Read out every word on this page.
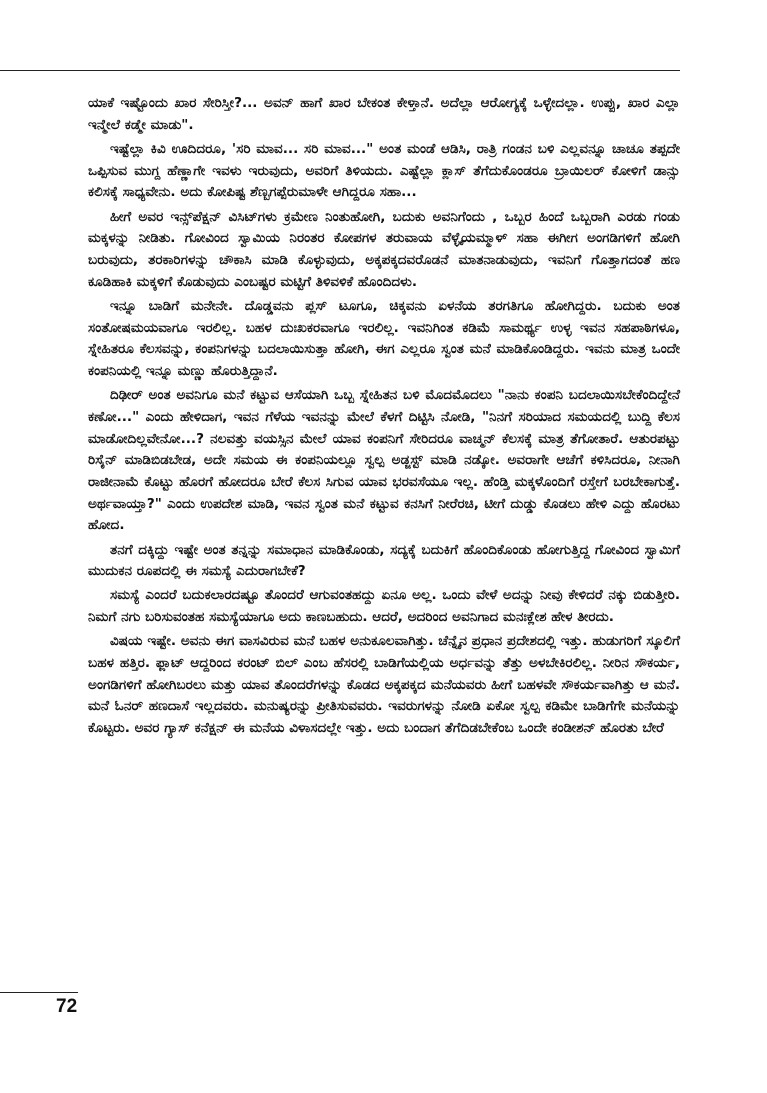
ಯಾಕೆ ಇಷ್ಟೊಂದು ಖಾರ ಸೇರಿಸ್ತೀ?... ಅವನ್ ಹಾಗೆ ಖಾರ ಬೇಕಂತ ಕೇಳ್ತಾನೆ. ಅದೆಲ್ಲಾ ಆರೋಗ್ಯಕ್ಕೆ ಒಳ್ಳೇದಲ್ಲಾ. ಉಪ್ಪು, ಖಾರ ಎಲ್ಲಾ ಇನ್ಮೇಲೆ ಕಡ್ಮೇ ಮಾಡು".

ಇಷ್ಟೆಲ್ಲಾ ಕಿವಿ ಊದಿದರೂ, 'ಸರಿ ಮಾವ... ಸರಿ ಮಾವ..." ಅಂತ ಮಂಡೆ ಆಡಿಸಿ, ರಾತ್ರಿ ಗಂಡನ ಬಳಿ ಎಲ್ಲವನ್ನೂ ಚಾಚೂ ತಪ್ಪದೇ ಒಪ್ಪಿಸುವ ಮುಗ್ದ ಹೆಣ್ಣಾಗೇ ಇವಳು ಇರುವುದು, ಅವರಿಗೆ ತಿಳಿಯದು. ಎಷ್ಟೆಲ್ಲಾ ಕ್ಲಾಸ್ ತೆಗೆದುಕೊಂಡರೂ ಬ್ರಾಯಿಲರ್ ಕೋಳಿಗೆ ಡಾನ್ಸು ಕಲಿಸಕ್ಕೆ ಸಾಧ್ಯವೇನು. ಅದು ಕೋಪಿಷ್ಟ ಶೆಣ್ಬಗಪ್ಪೆರುಮಾಳೇ ಆಗಿದ್ದರೂ ಸಹಾ...

ಹೀಗೆ ಅವರ ಇನ್ಸ್‌ಪೆಕ್ಷನ್ ವಿಸಿಟ್‌ಗಳು ಕ್ರಮೇಣ ನಿಂತುಹೋಗಿ, ಬದುಕು ಅವನಿಗೆಂದು , ಒಬ್ಬರ ಹಿಂದೆ ಒಬ್ಬರಾಗಿ ಎರಡು ಗಂಡು ಮಕ್ಕಳನ್ನು ನೀಡಿತು. ಗೋವಿಂದ ಸ್ವಾಮಿಯ ನಿರಂತರ ಕೋಪಗಳ ತರುವಾಯ ವೆಳ್ಳೈಯಮ್ಮಾಳ್ ಸಹಾ ಈಗೀಗ ಅಂಗಡಿಗಳಿಗೆ ಹೋಗಿ ಬರುವುದು, ತರಕಾರಿಗಳನ್ನು ಚೌಕಾಸಿ ಮಾಡಿ ಕೊಳ್ಳುವುದು, ಅಕ್ಕಪಕ್ಕದವರೊಡನೆ ಮಾತನಾಡುವುದು, ಇವನಿಗೆ ಗೊತ್ತಾಗದಂತೆ ಹಣ ಕೂಡಿಹಾಕಿ ಮಕ್ಕಳಿಗೆ ಕೊಡುವುದು ಎಂಬಷ್ಟರ ಮಟ್ಟಿಗೆ ತಿಳಿವಳಿಕೆ ಹೊಂದಿದಳು.

ಇನ್ನೂ ಬಾಡಿಗೆ ಮನೇನೇ. ದೊಡ್ಡವನು ಪ್ಲಸ್ ಟೂಗೂ, ಚಿಕ್ಕವನು ಏಳನೆಯ ತರಗತಿಗೂ ಹೋಗಿದ್ದರು. ಬದುಕು ಅಂತ ಸಂತೋಷಮಯವಾಗೂ ಇರಲಿಲ್ಲ. ಬಹಳ ದುಃಖಕರವಾಗೂ ಇರಲಿಲ್ಲ. ಇವನಿಗಿಂತ ಕಡಿಮೆ ಸಾಮರ್ಥ್ಯ ಉಳ್ಳ ಇವನ ಸಹಪಾಠಿಗಳೂ, ಸ್ನೇಹಿತರೂ ಕೆಲಸವನ್ನು, ಕಂಪನಿಗಳನ್ನು ಬದಲಾಯಿಸುತ್ತಾ ಹೋಗಿ, ಈಗ ಎಲ್ಲರೂ ಸ್ವಂತ ಮನೆ ಮಾಡಿಕೊಂಡಿದ್ದರು. ಇವನು ಮಾತ್ರ ಒಂದೇ ಕಂಪನಿಯಲ್ಲಿ ಇನ್ನೂ ಮಣ್ಣು ಹೊರುತ್ತಿದ್ದಾನೆ.

ದಿಢೀರ್ ಅಂತ ಅವನಿಗೂ ಮನೆ ಕಟ್ಟುವ ಆಸೆಯಾಗಿ ಒಬ್ಬ ಸ್ನೇಹಿತನ ಬಳಿ ಮೊದಮೊದಲು "ನಾನು ಕಂಪನಿ ಬದಲಾಯಿಸಬೇಕೆಂದಿದ್ದೇನೆ ಕಣೋ..." ಎಂದು ಹೇಳಿದಾಗ, ಇವನ ಗೆಳೆಯ ಇವನನ್ನು ಮೇಲೆ ಕೆಳಗೆ ದಿಟ್ಟಿಸಿ ನೋಡಿ, "ನಿನಗೆ ಸರಿಯಾದ ಸಮಯದಲ್ಲಿ ಬುದ್ದಿ ಕೆಲಸ ಮಾಡೋದಿಲ್ಲವೇನೋ...? ನಲವತ್ತು ವಯಸ್ಸಿನ ಮೇಲೆ ಯಾವ ಕಂಪನಿಗೆ ಸೇರಿದರೂ ವಾಚ್ಮನ್ ಕೆಲಸಕ್ಕೆ ಮಾತ್ರ ತೆಗೋತಾರೆ. ಆತುರಪಟ್ಟು ರಿಸೈನ್ ಮಾಡಿಬಿಡಬೇಡ, ಅದೇ ಸಮಯ ಈ ಕಂಪನಿಯಲ್ಲೂ ಸ್ವಲ್ಪ ಅಡ್ಜಸ್ಟ್ ಮಾಡಿ ನಡ್ಕೋ. ಅವರಾಗೇ ಆಚೆಗೆ ಕಳಿಸಿದರೂ, ನೀನಾಗಿ ರಾಜೀನಾಮೆ ಕೊಟ್ಟು ಹೊರಗೆ ಹೋದರೂ ಬೇರೆ ಕೆಲಸ ಸಿಗುವ ಯಾವ ಭರವಸೆಯೂ ಇಲ್ಲ. ಹೆಂಡ್ತಿ ಮಕ್ಕಳೊಂದಿಗೆ ರಸ್ತೇಗೆ ಬರಬೇಕಾಗುತ್ತೆ. ಅರ್ಥವಾಯ್ತಾ?" ಎಂದು ಉಪದೇಶ ಮಾಡಿ, ಇವನ ಸ್ವಂತ ಮನೆ ಕಟ್ಟುವ ಕನಸಿಗೆ ನೀರೆರಚಿ, ಟೀಗೆ ದುಡ್ಡು ಕೊಡಲು ಹೇಳಿ ಎದ್ದು ಹೊರಟು ಹೋದ.

ತನಗೆ ದಕ್ಕಿದ್ದು ಇಷ್ಟೇ ಅಂತ ತನ್ನನ್ನು ಸಮಾಧಾನ ಮಾಡಿಕೊಂಡು, ಸದ್ಯಕ್ಕೆ ಬದುಕಿಗೆ ಹೊಂದಿಕೊಂಡು ಹೋಗುತ್ತಿದ್ದ ಗೋವಿಂದ ಸ್ವಾಮಿಗೆ ಮುದುಕನ ರೂಪದಲ್ಲಿ ಈ ಸಮಸ್ಯೆ ಎದುರಾಗಬೇಕೆ?

ಸಮಸ್ಯೆ ಎಂದರೆ ಬದುಕಲಾರದಷ್ಟೂ ತೊಂದರೆ ಆಗುವಂತಹದ್ದು ಏನೂ ಅಲ್ಲ. ಒಂದು ವೇಳೆ ಅದನ್ನು ನೀವು ಕೇಳಿದರೆ ನಕ್ಕು ಬಿಡುತ್ತೀರಿ. ನಿಮಗೆ ನಗು ಬರಿಸುವಂತಹ ಸಮಸ್ಯೆಯಾಗೂ ಅದು ಕಾಣಬಹುದು. ಆದರೆ, ಅದರಿಂದ ಅವನಿಗಾದ ಮನಃಕ್ಲೇಶ ಹೇಳ ತೀರದು.

ವಿಷಯ ಇಷ್ಟೇ. ಅವನು ಈಗ ವಾಸವಿರುವ ಮನೆ ಬಹಳ ಅನುಕೂಲವಾಗಿತ್ತು. ಚೆನ್ನೈನ ಪ್ರಧಾನ ಪ್ರದೇಶದಲ್ಲಿ ಇತ್ತು. ಹುಡುಗರಿಗೆ ಸ್ಕೂಲಿಗೆ ಬಹಳ ಹತ್ತಿರ. ಫ್ಲಾಟ್ ಆದ್ದರಿಂದ ಕರಂಟ್ ಬಿಲ್ ಎಂಬ ಹೆಸರಲ್ಲಿ ಬಾಡಿಗೆಯಲ್ಲಿಯ ಅರ್ಧವನ್ನು ತೆತ್ತು ಅಳಬೇಕಿರಲಿಲ್ಲ. ನೀರಿನ ಸೌಕರ್ಯ, ಅಂಗಡಿಗಳಿಗೆ ಹೋಗಿಬರಲು ಮತ್ತು ಯಾವ ತೊಂದರೆಗಳನ್ನು ಕೊಡದ ಅಕ್ಕಪಕ್ಕದ ಮನೆಯವರು ಹೀಗೆ ಬಹಳವೇ ಸೌಕರ್ಯವಾಗಿತ್ತು ಆ ಮನೆ. ಮನೆ ಓನರ್ ಹಣದಾಸೆ ಇಲ್ಲದವರು. ಮನುಷ್ಯರನ್ನು ಪ್ರೀತಿಸುವವರು. ಇವರುಗಳನ್ನು ನೋಡಿ ಏಕೋ ಸ್ವಲ್ಪ ಕಡಿಮೇ ಬಾಡಿಗೆಗೇ ಮನೆಯನ್ನು ಕೊಟ್ಟರು. ಅವರ ಗ್ಯಾಸ್ ಕನೆಕ್ಷನ್ ಈ ಮನೆಯ ವಿಳಾಸದಲ್ಲೇ ಇತ್ತು. ಅದು ಬಂದಾಗ ತೆಗೆದಿಡಬೇಕೆಂಬ ಒಂದೇ ಕಂಡೀಶನ್ ಹೊರತು ಬೇರೆ

72
